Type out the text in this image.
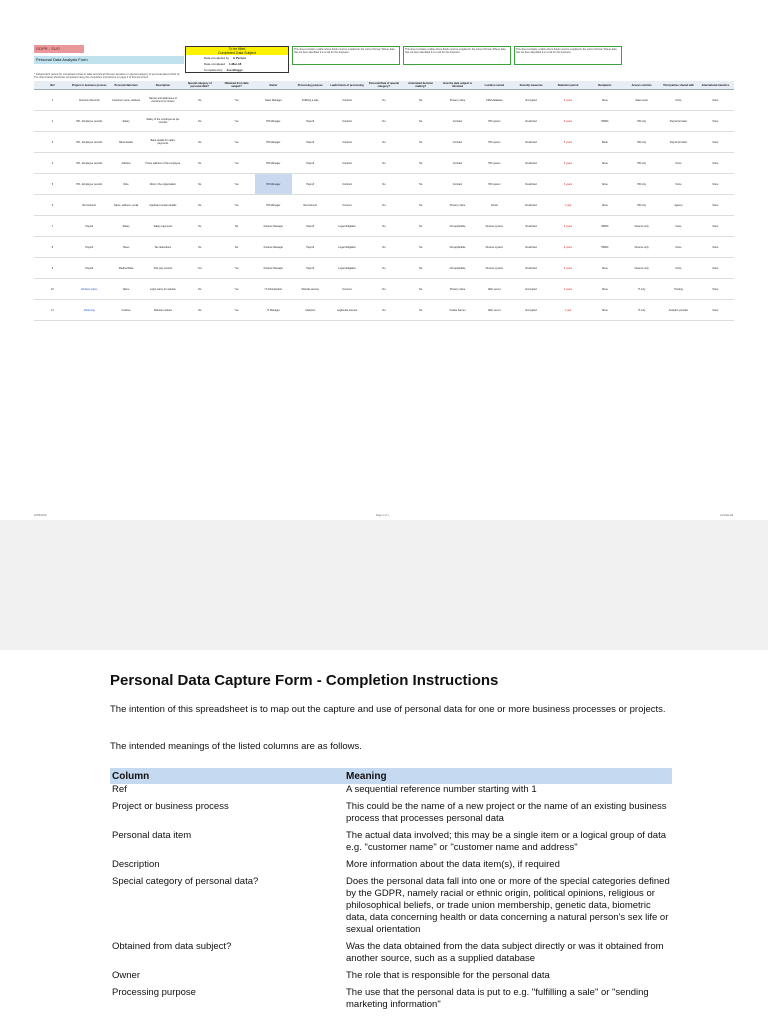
GDPR - SUO
Personal Data Analysis Form
To be filled
Completed Data Subject
Data completed by A Person
Date completed 1-Mar-18
Completed by Joe Bloggs
This sheet contains a table where fields must be supplied in the correct format. Where data has not been identified it is a risk for the business.
This sheet contains a table where fields must be supplied in the correct format. Where data has not been identified it is a risk for the business.
This sheet contains a table where fields must be supplied in the correct format. Where data has not been identified it is a risk for the business.
* Independent review for completed entries in table and tick all that are sensitive or special category of personal data (Article 9).
The sheet below should be completed using the completion instructions on page 2 of this document.
Ref	Project or business process	Personal data item	Description	Special category of personal data?	Obtained from data subject?	Owner	Processing purpose	Lawful basis of processing	Personal Data of special category?	Automated decision making?	How the data subject is informed	Location stored	Security measures	Retention period	Recipients	Access controls	Third parties shared with	International transfers
1	Customer Records	Customer name, address	Names and addresses of customers for orders	No	Yes	Sales Manager	Fulfilling a sale	Contract	No	No	Privacy notice	CRM database	Encrypted	6 years	None	Sales team	None	None
2	HR - Employee records	Salary	Salary of the employee as per contract	No	Yes	HR Manager	Payroll	Contract	No	No	Contract	HR system	Restricted	6 years	HMRC	HR only	Payroll provider	None
3	HR - Employee records	Bank details	Bank details for salary payments	No	Yes	HR Manager	Payroll	Contract	No	No	Contract	HR system	Restricted	6 years	Bank	HR only	Payroll provider	None
4	HR - Employee records	Address	Home address of the employee	No	Yes	HR Manager	Payroll	Contract	No	No	Contract	HR system	Restricted	6 years	None	HR only	None	None
5	HR - Employee records	Role	Role in the organisation	No	Yes	HR Manager	Payroll	Contract	No	No	Contract	HR system	Restricted	6 years	None	HR only	None	None
6	Recruitment	Name, address, email	Applicant contact details	No	Yes	HR Manager	Recruitment	Consent	No	No	Privacy notice	Email	Restricted	1 year	None	HR only	Agency	None
7	Payroll	Salary	Salary payments	No	No	Finance Manager	Payroll	Legal obligation	No	No	Not applicable	Finance system	Restricted	6 years	HMRC	Finance only	None	None
8	Payroll	Taxes	Tax deductions	No	No	Finance Manager	Payroll	Legal obligation	No	No	Not applicable	Finance system	Restricted	6 years	HMRC	Finance only	None	None
9	Payroll	Medical Data	Sick pay records	Yes	Yes	Finance Manager	Payroll	Legal obligation	No	No	Not applicable	Finance system	Restricted	6 years	None	Finance only	None	None
10	Website logins	Name	Login name for website	No	Yes	IT Administrator	Website access	Consent	No	No	Privacy notice	Web server	Encrypted	2 years	None	IT only	Hosting	None
11	Marketing	Cookies	Website cookies	No	Yes	IT Manager	Analytics	Legitimate interest	No	No	Cookie banner	Web server	Encrypted	1 year	None	IT only	Analytics provider	None
22/05/2018	Page 1 of 1	Confidential
Personal Data Capture Form - Completion Instructions
The intention of this spreadsheet is to map out the capture and use of personal data for one or more business processes or projects.
The intended meanings of the listed columns are as follows.
Column	Meaning
Ref	A sequential reference number starting with 1
Project or business process	This could be the name of a new project or the name of an existing business process that processes personal data
Personal data item	The actual data involved; this may be a single item or a logical group of data e.g. "customer name" or "customer name and address"
Description	More information about the data item(s), if required
Special category of personal data?	Does the personal data fall into one or more of the special categories defined by the GDPR, namely racial or ethnic origin, political opinions, religious or philosophical beliefs, or trade union membership, genetic data, biometric data, data concerning health or data concerning a natural person's sex life or sexual orientation
Obtained from data subject?	Was the data obtained from the data subject directly or was it obtained from another source, such as a supplied database
Owner	The role that is responsible for the personal data
Processing purpose	The use that the personal data is put to e.g. "fulfilling a sale" or "sending marketing information"
